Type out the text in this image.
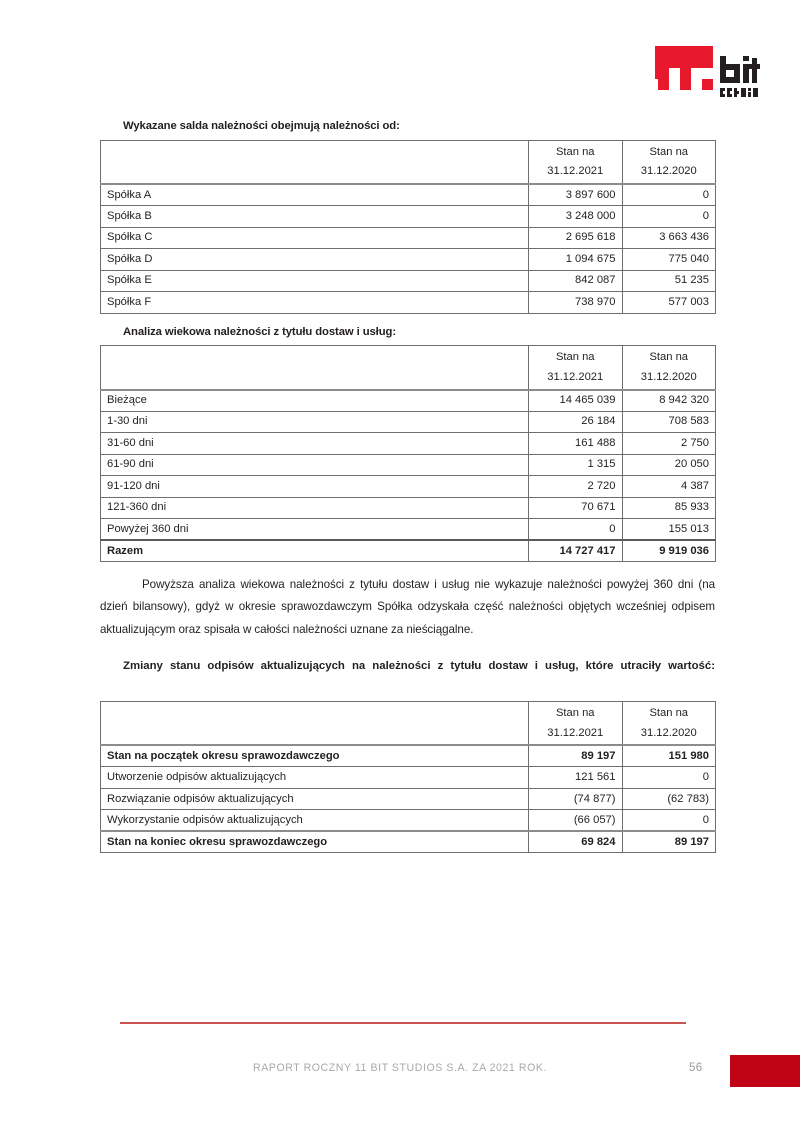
Wykazane salda należności obejmują należności od:
	Stan na	Stan na
	31.12.2021	31.12.2020
Spółka A	3 897 600	0
Spółka B	3 248 000	0
Spółka C	2 695 618	3 663 436
Spółka D	1 094 675	775 040
Spółka E	842 087	51 235
Spółka F	738 970	577 003
Analiza wiekowa należności z tytułu dostaw i usług:
	Stan na	Stan na
	31.12.2021	31.12.2020
Bieżące	14 465 039	8 942 320
1-30 dni	26 184	708 583
31-60 dni	161 488	2 750
61-90 dni	1 315	20 050
91-120 dni	2 720	4 387
121-360 dni	70 671	85 933
Powyżej 360 dni	0	155 013
Razem	14 727 417	9 919 036

Powyższa analiza wiekowa należności z tytułu dostaw i usług nie wykazuje należności powyżej 360 dni (na dzień bilansowy), gdyż w okresie sprawozdawczym Spółka odzyskała część należności objętych wcześniej odpisem aktualizującym oraz spisała w całości należności uznane za nieściągalne.

Zmiany stanu odpisów aktualizujących na należności z tytułu dostaw i usług, które utraciły wartość:
	Stan na	Stan na
	31.12.2021	31.12.2020
Stan na początek okresu sprawozdawczego	89 197	151 980
Utworzenie odpisów aktualizujących	121 561	0
Rozwiązanie odpisów aktualizujących	(74 877)	(62 783)
Wykorzystanie odpisów aktualizujących	(66 057)	0
Stan na koniec okresu sprawozdawczego	69 824	89 197
RAPORT ROCZNY 11 BIT STUDIOS S.A. ZA 2021 ROK.	56
